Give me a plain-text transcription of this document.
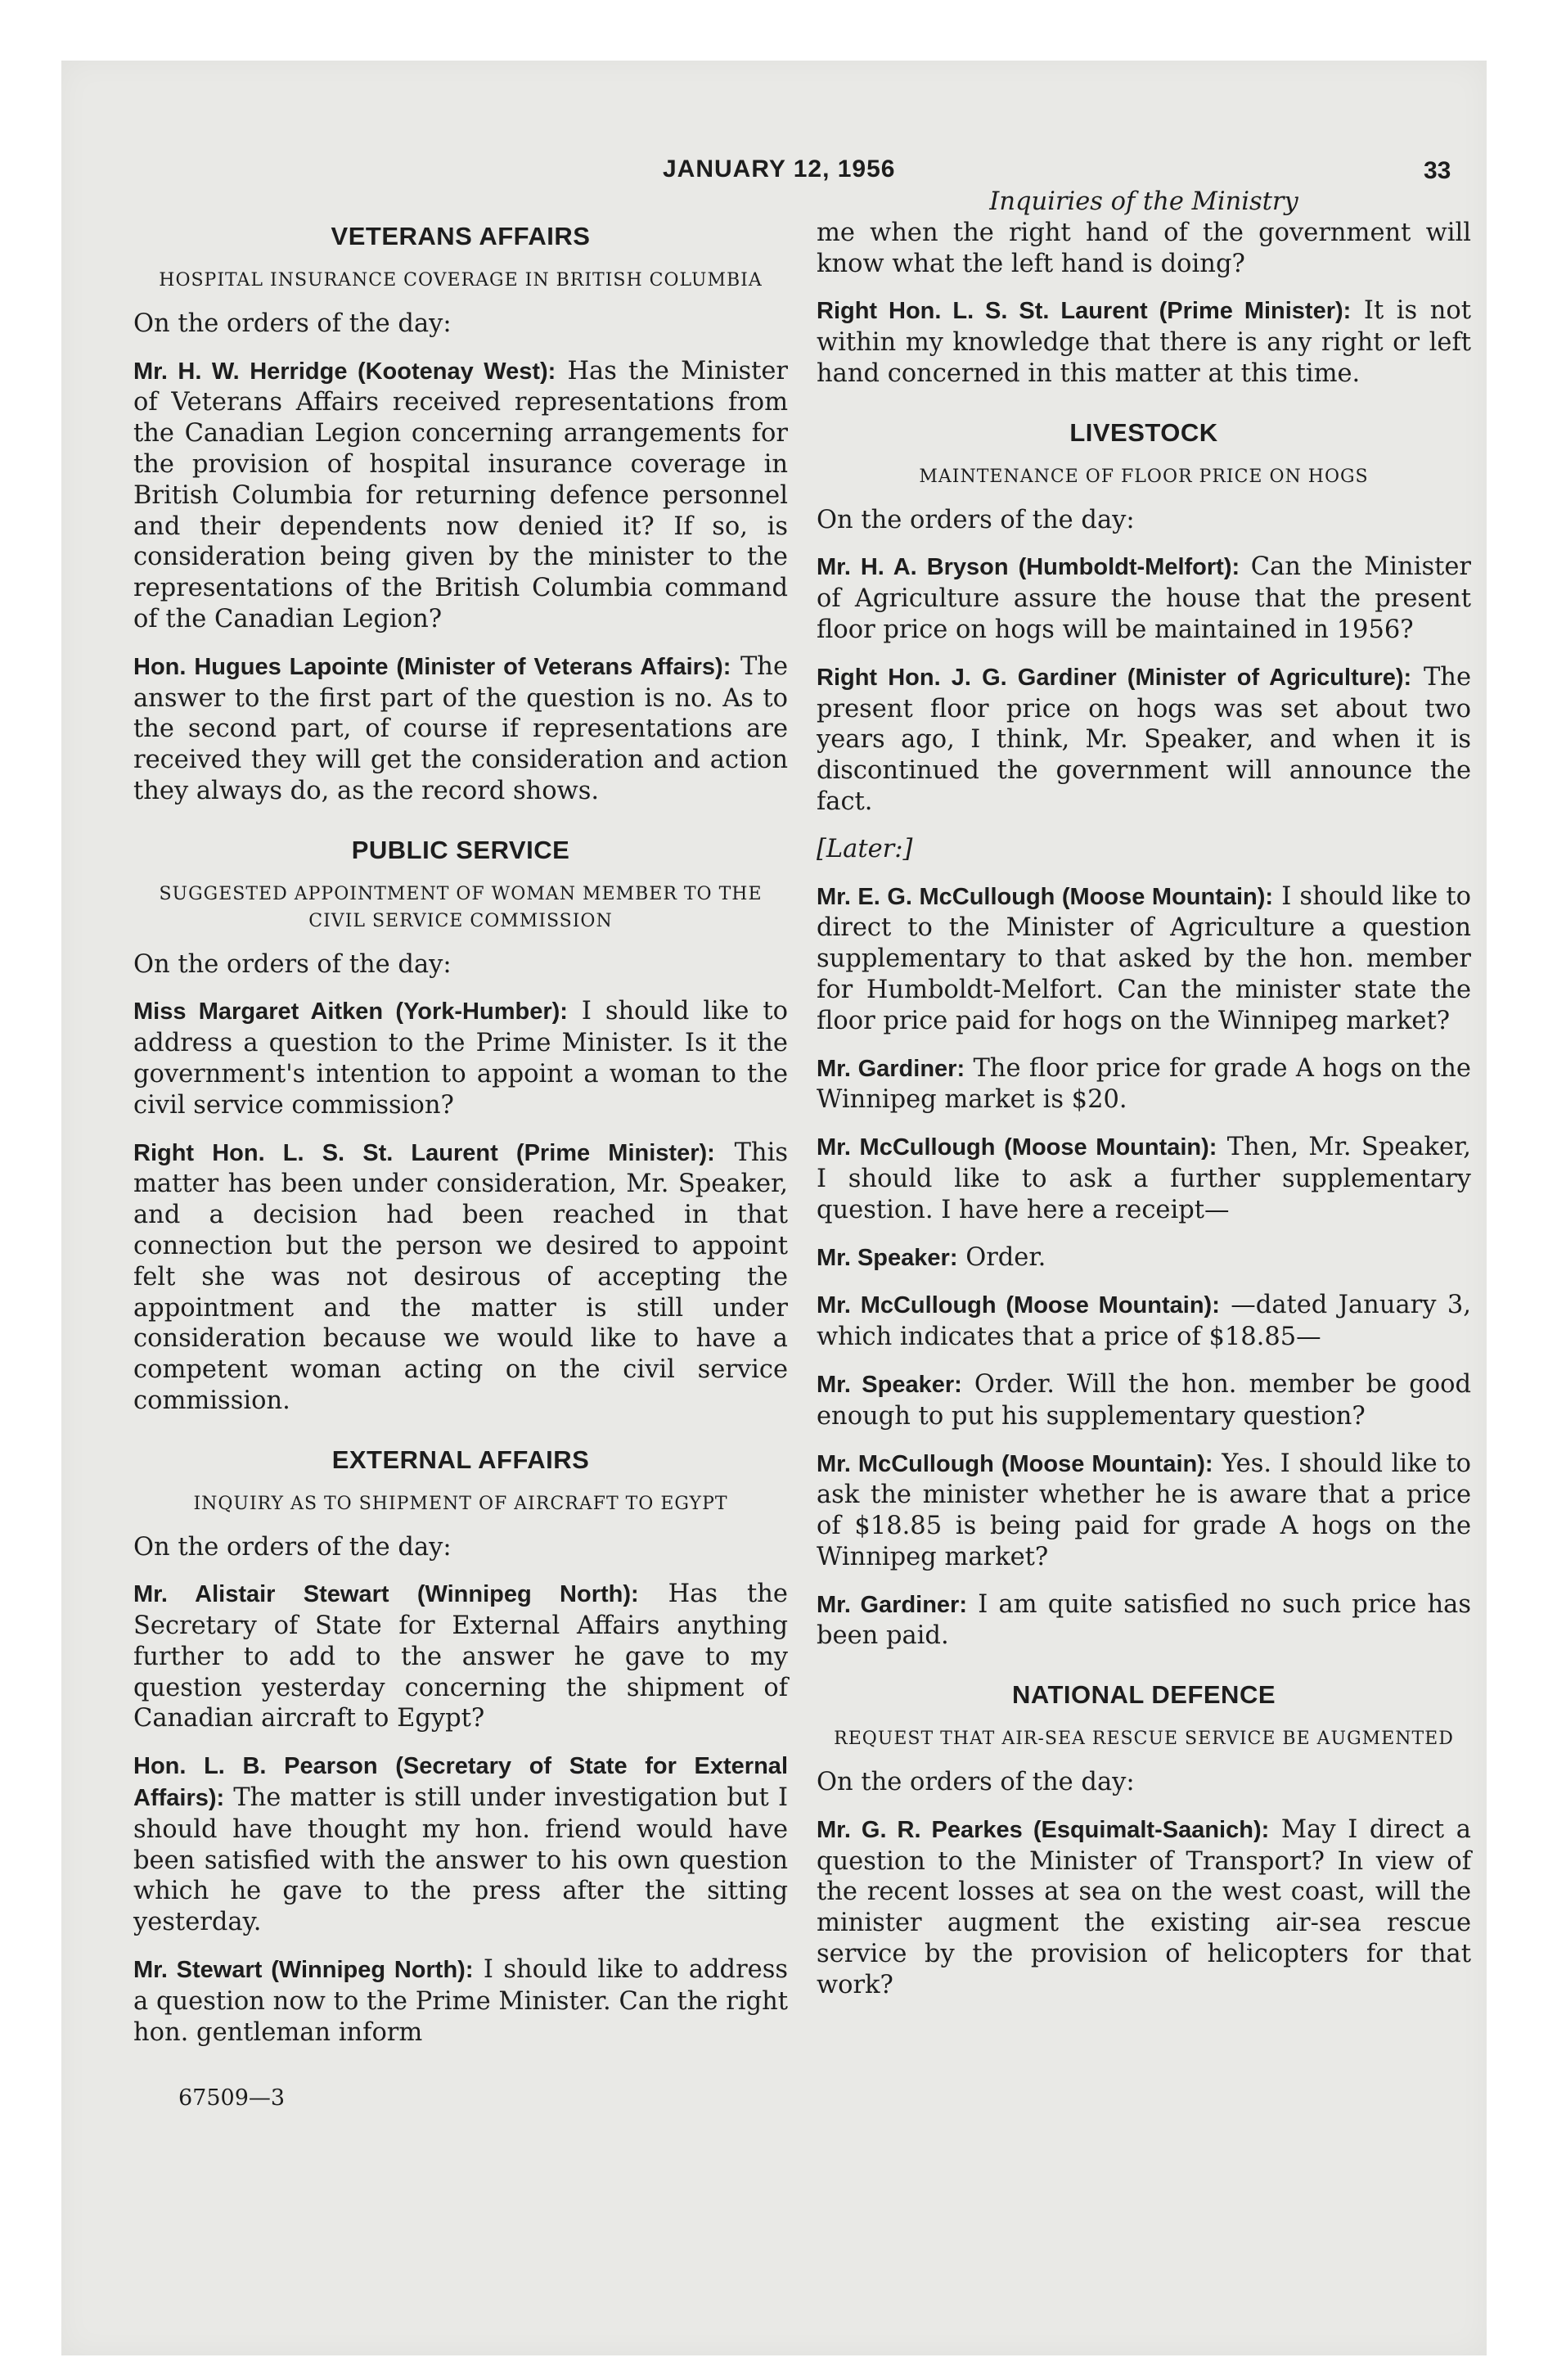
JANUARY 12, 1956	33
VETERANS AFFAIRS
HOSPITAL INSURANCE COVERAGE IN BRITISH COLUMBIA

On the orders of the day:

Mr. H. W. Herridge (Kootenay West): Has the Minister of Veterans Affairs received representations from the Canadian Legion concerning arrangements for the provision of hospital insurance coverage in British Columbia for returning defence personnel and their dependents now denied it? If so, is consideration being given by the minister to the representations of the British Columbia command of the Canadian Legion?

Hon. Hugues Lapointe (Minister of Veterans Affairs): The answer to the first part of the question is no. As to the second part, of course if representations are received they will get the consideration and action they always do, as the record shows.

PUBLIC SERVICE
SUGGESTED APPOINTMENT OF WOMAN MEMBER TO THE CIVIL SERVICE COMMISSION

On the orders of the day:

Miss Margaret Aitken (York-Humber): I should like to address a question to the Prime Minister. Is it the government's intention to appoint a woman to the civil service commission?

Right Hon. L. S. St. Laurent (Prime Minister): This matter has been under consideration, Mr. Speaker, and a decision had been reached in that connection but the person we desired to appoint felt she was not desirous of accepting the appointment and the matter is still under consideration because we would like to have a competent woman acting on the civil service commission.

EXTERNAL AFFAIRS
INQUIRY AS TO SHIPMENT OF AIRCRAFT TO EGYPT

On the orders of the day:

Mr. Alistair Stewart (Winnipeg North): Has the Secretary of State for External Affairs anything further to add to the answer he gave to my question yesterday concerning the shipment of Canadian aircraft to Egypt?

Hon. L. B. Pearson (Secretary of State for External Affairs): The matter is still under investigation but I should have thought my hon. friend would have been satisfied with the answer to his own question which he gave to the press after the sitting yesterday.

Mr. Stewart (Winnipeg North): I should like to address a question now to the Prime Minister. Can the right hon. gentleman inform

67509—3
Inquiries of the Ministry

me when the right hand of the government will know what the left hand is doing?

Right Hon. L. S. St. Laurent (Prime Minister): It is not within my knowledge that there is any right or left hand concerned in this matter at this time.

LIVESTOCK
MAINTENANCE OF FLOOR PRICE ON HOGS

On the orders of the day:

Mr. H. A. Bryson (Humboldt-Melfort): Can the Minister of Agriculture assure the house that the present floor price on hogs will be maintained in 1956?

Right Hon. J. G. Gardiner (Minister of Agriculture): The present floor price on hogs was set about two years ago, I think, Mr. Speaker, and when it is discontinued the government will announce the fact.

[Later:]

Mr. E. G. McCullough (Moose Mountain): I should like to direct to the Minister of Agriculture a question supplementary to that asked by the hon. member for Humboldt-Melfort. Can the minister state the floor price paid for hogs on the Winnipeg market?

Mr. Gardiner: The floor price for grade A hogs on the Winnipeg market is $20.

Mr. McCullough (Moose Mountain): Then, Mr. Speaker, I should like to ask a further supplementary question. I have here a receipt—

Mr. Speaker: Order.

Mr. McCullough (Moose Mountain): —dated January 3, which indicates that a price of $18.85—

Mr. Speaker: Order. Will the hon. member be good enough to put his supplementary question?

Mr. McCullough (Moose Mountain): Yes. I should like to ask the minister whether he is aware that a price of $18.85 is being paid for grade A hogs on the Winnipeg market?

Mr. Gardiner: I am quite satisfied no such price has been paid.

NATIONAL DEFENCE
REQUEST THAT AIR-SEA RESCUE SERVICE BE AUGMENTED

On the orders of the day:

Mr. G. R. Pearkes (Esquimalt-Saanich): May I direct a question to the Minister of Transport? In view of the recent losses at sea on the west coast, will the minister augment the existing air-sea rescue service by the provision of helicopters for that work?
